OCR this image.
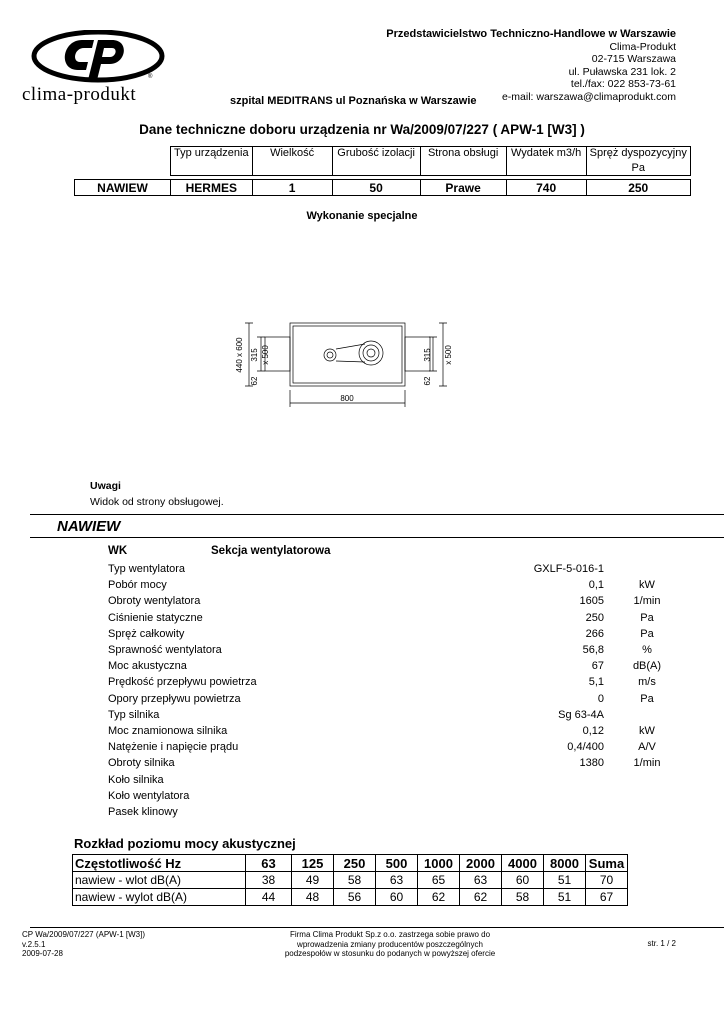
®
clima-produkt
Przedstawicielstwo Techniczno-Handlowe w Warszawie
Clima-Produkt
02-715 Warszawa
ul. Puławska 231 lok. 2
tel./fax: 022 853-73-61
e-mail: warszawa@climaprodukt.com
szpital MEDITRANS ul Poznańska w Warszawie
Dane techniczne doboru urządzenia nr Wa/2009/07/227 ( APW-1 [W3] )
	Typ urządzenia	Wielkość	Grubość izolacji	Strona obsługi	Wydatek m3/h	Spręż dyspozycyjny
						Pa

NAWIEW	HERMES	1	50	Prawe	740	250
Wykonanie specjalne
440 x 600 x 500
315
62
315 x 500
62
800
Uwagi
Widok od strony obsługowej.
NAWIEW
WK	Sekcja wentylatorowa
Typ wentylatora	GXLF-5-016-1
Pobór mocy	0,1	kW
Obroty wentylatora	1605	1/min
Ciśnienie statyczne	250	Pa
Spręż całkowity	266	Pa
Sprawność wentylatora	56,8	%
Moc akustyczna	67	dB(A)
Prędkość przepływu powietrza	5,1	m/s
Opory przepływu powietrza	0	Pa
Typ silnika	Sg 63-4A
Moc znamionowa silnika	0,12	kW
Natężenie i napięcie prądu	0,4/400	A/V
Obroty silnika	1380	1/min
Koło silnika
Koło wentylatora
Pasek klinowy
Rozkład poziomu mocy akustycznej
Częstotliwość Hz	63	125	250	500	1000	2000	4000	8000	Suma
nawiew - wlot dB(A)	38	49	58	63	65	63	60	51	70
nawiew - wylot dB(A)	44	48	56	60	62	62	58	51	67
CP Wa/2009/07/227 (APW-1 [W3])
v.2.5.1
2009-07-28
Firma Clima Produkt Sp.z o.o. zastrzega sobie prawo do
wprowadzenia zmiany producentów poszczególnych
podzespołów w stosunku do podanych w powyższej ofercie
str. 1 / 2
